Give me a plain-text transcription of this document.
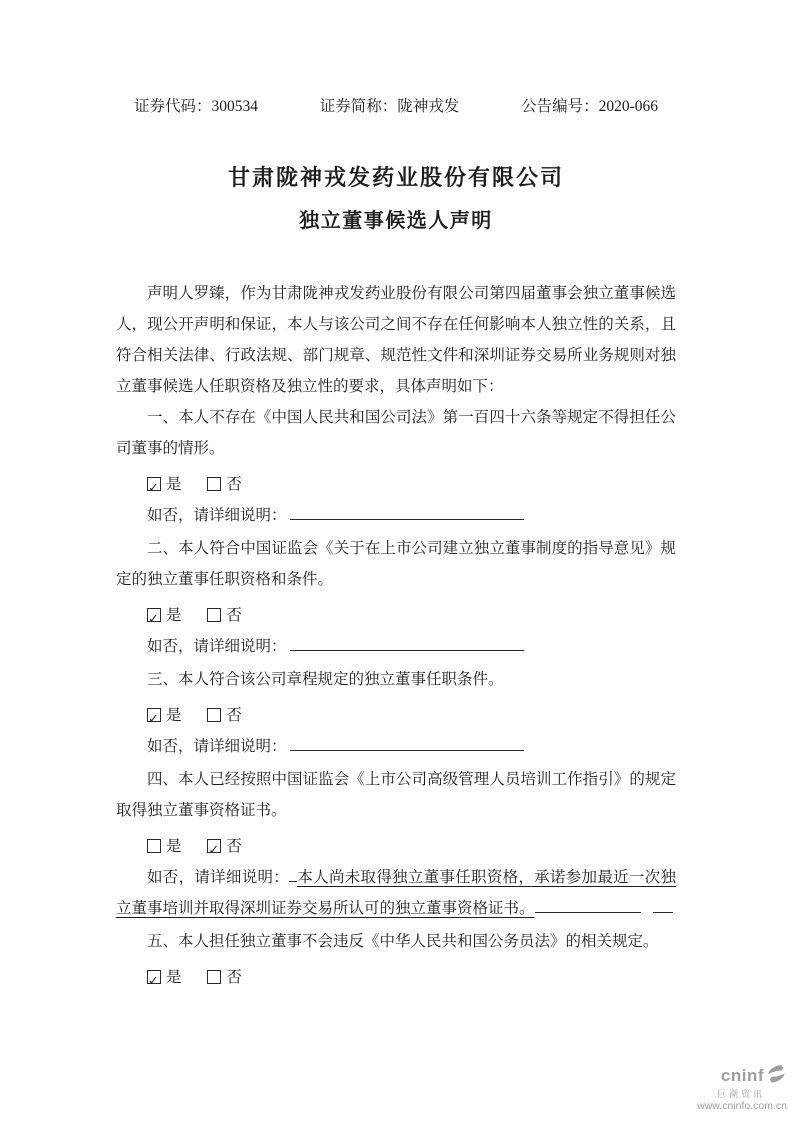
证券代码：300534	证券简称：陇神戎发	公告编号：2020-066
甘肃陇神戎发药业股份有限公司
独立董事候选人声明

声明人罗臻，作为甘肃陇神戎发药业股份有限公司第四届董事会独立董事候选人，现公开声明和保证，本人与该公司之间不存在任何影响本人独立性的关系，且符合相关法律、行政法规、部门规章、规范性文件和深圳证券交易所业务规则对独立董事候选人任职资格及独立性的要求，具体声明如下：

一、本人不存在《中国人民共和国公司法》第一百四十六条等规定不得担任公司董事的情形。

✓是	否

如否，请详细说明：

二、本人符合中国证监会《关于在上市公司建立独立董事制度的指导意见》规定的独立董事任职资格和条件。

✓是	否

如否，请详细说明：

三、本人符合该公司章程规定的独立董事任职条件。

✓是	否

如否，请详细说明：

四、本人已经按照中国证监会《上市公司高级管理人员培训工作指引》的规定取得独立董事资格证书。

是 ✓	否

如否，请详细说明： 本人尚未取得独立董事任职资格，承诺参加最近一次独立董事培训并取得深圳证券交易所认可的独立董事资格证书。

五、本人担任独立董事不会违反《中华人民共和国公务员法》的相关规定。

✓是	否
cninf
巨潮资讯
www.cninfo.com.cn
